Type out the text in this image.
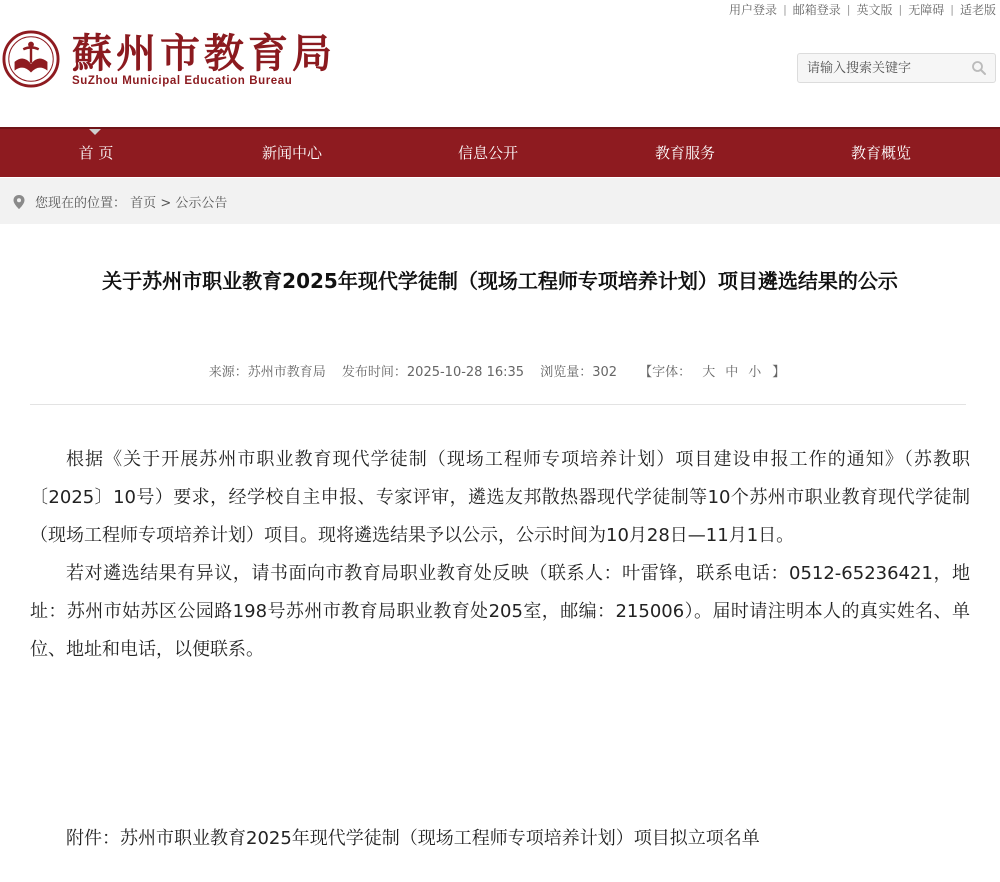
用户登录 | 邮箱登录 | 英文版 | 无障碍 | 适老版
蘇州市教育局
SuZhou Municipal Education Bureau
请输入搜索关键字
首 页	新闻中心	信息公开	教育服务	教育概览
您现在的位置： 首页 > 公示公告
关于苏州市职业教育2025年现代学徒制（现场工程师专项培养计划）项目遴选结果的公示
来源：苏州市教育局 发布时间：2025-10-28 16:35 浏览量：302 【字体： 大 中 小 】

根据《关于开展苏州市职业教育现代学徒制（现场工程师专项培养计划）项目建设申报工作的通知》（苏教职〔2025〕10号）要求，经学校自主申报、专家评审，遴选友邦散热器现代学徒制等10个苏州市职业教育现代学徒制（现场工程师专项培养计划）项目。现将遴选结果予以公示，公示时间为10月28日—11月1日。

若对遴选结果有异议，请书面向市教育局职业教育处反映（联系人：叶雷锋，联系电话：0512-65236421，地址：苏州市姑苏区公园路198号苏州市教育局职业教育处205室，邮编：215006）。届时请注明本人的真实姓名、单位、地址和电话，以便联系。

附件：苏州市职业教育2025年现代学徒制（现场工程师专项培养计划）项目拟立项名单
